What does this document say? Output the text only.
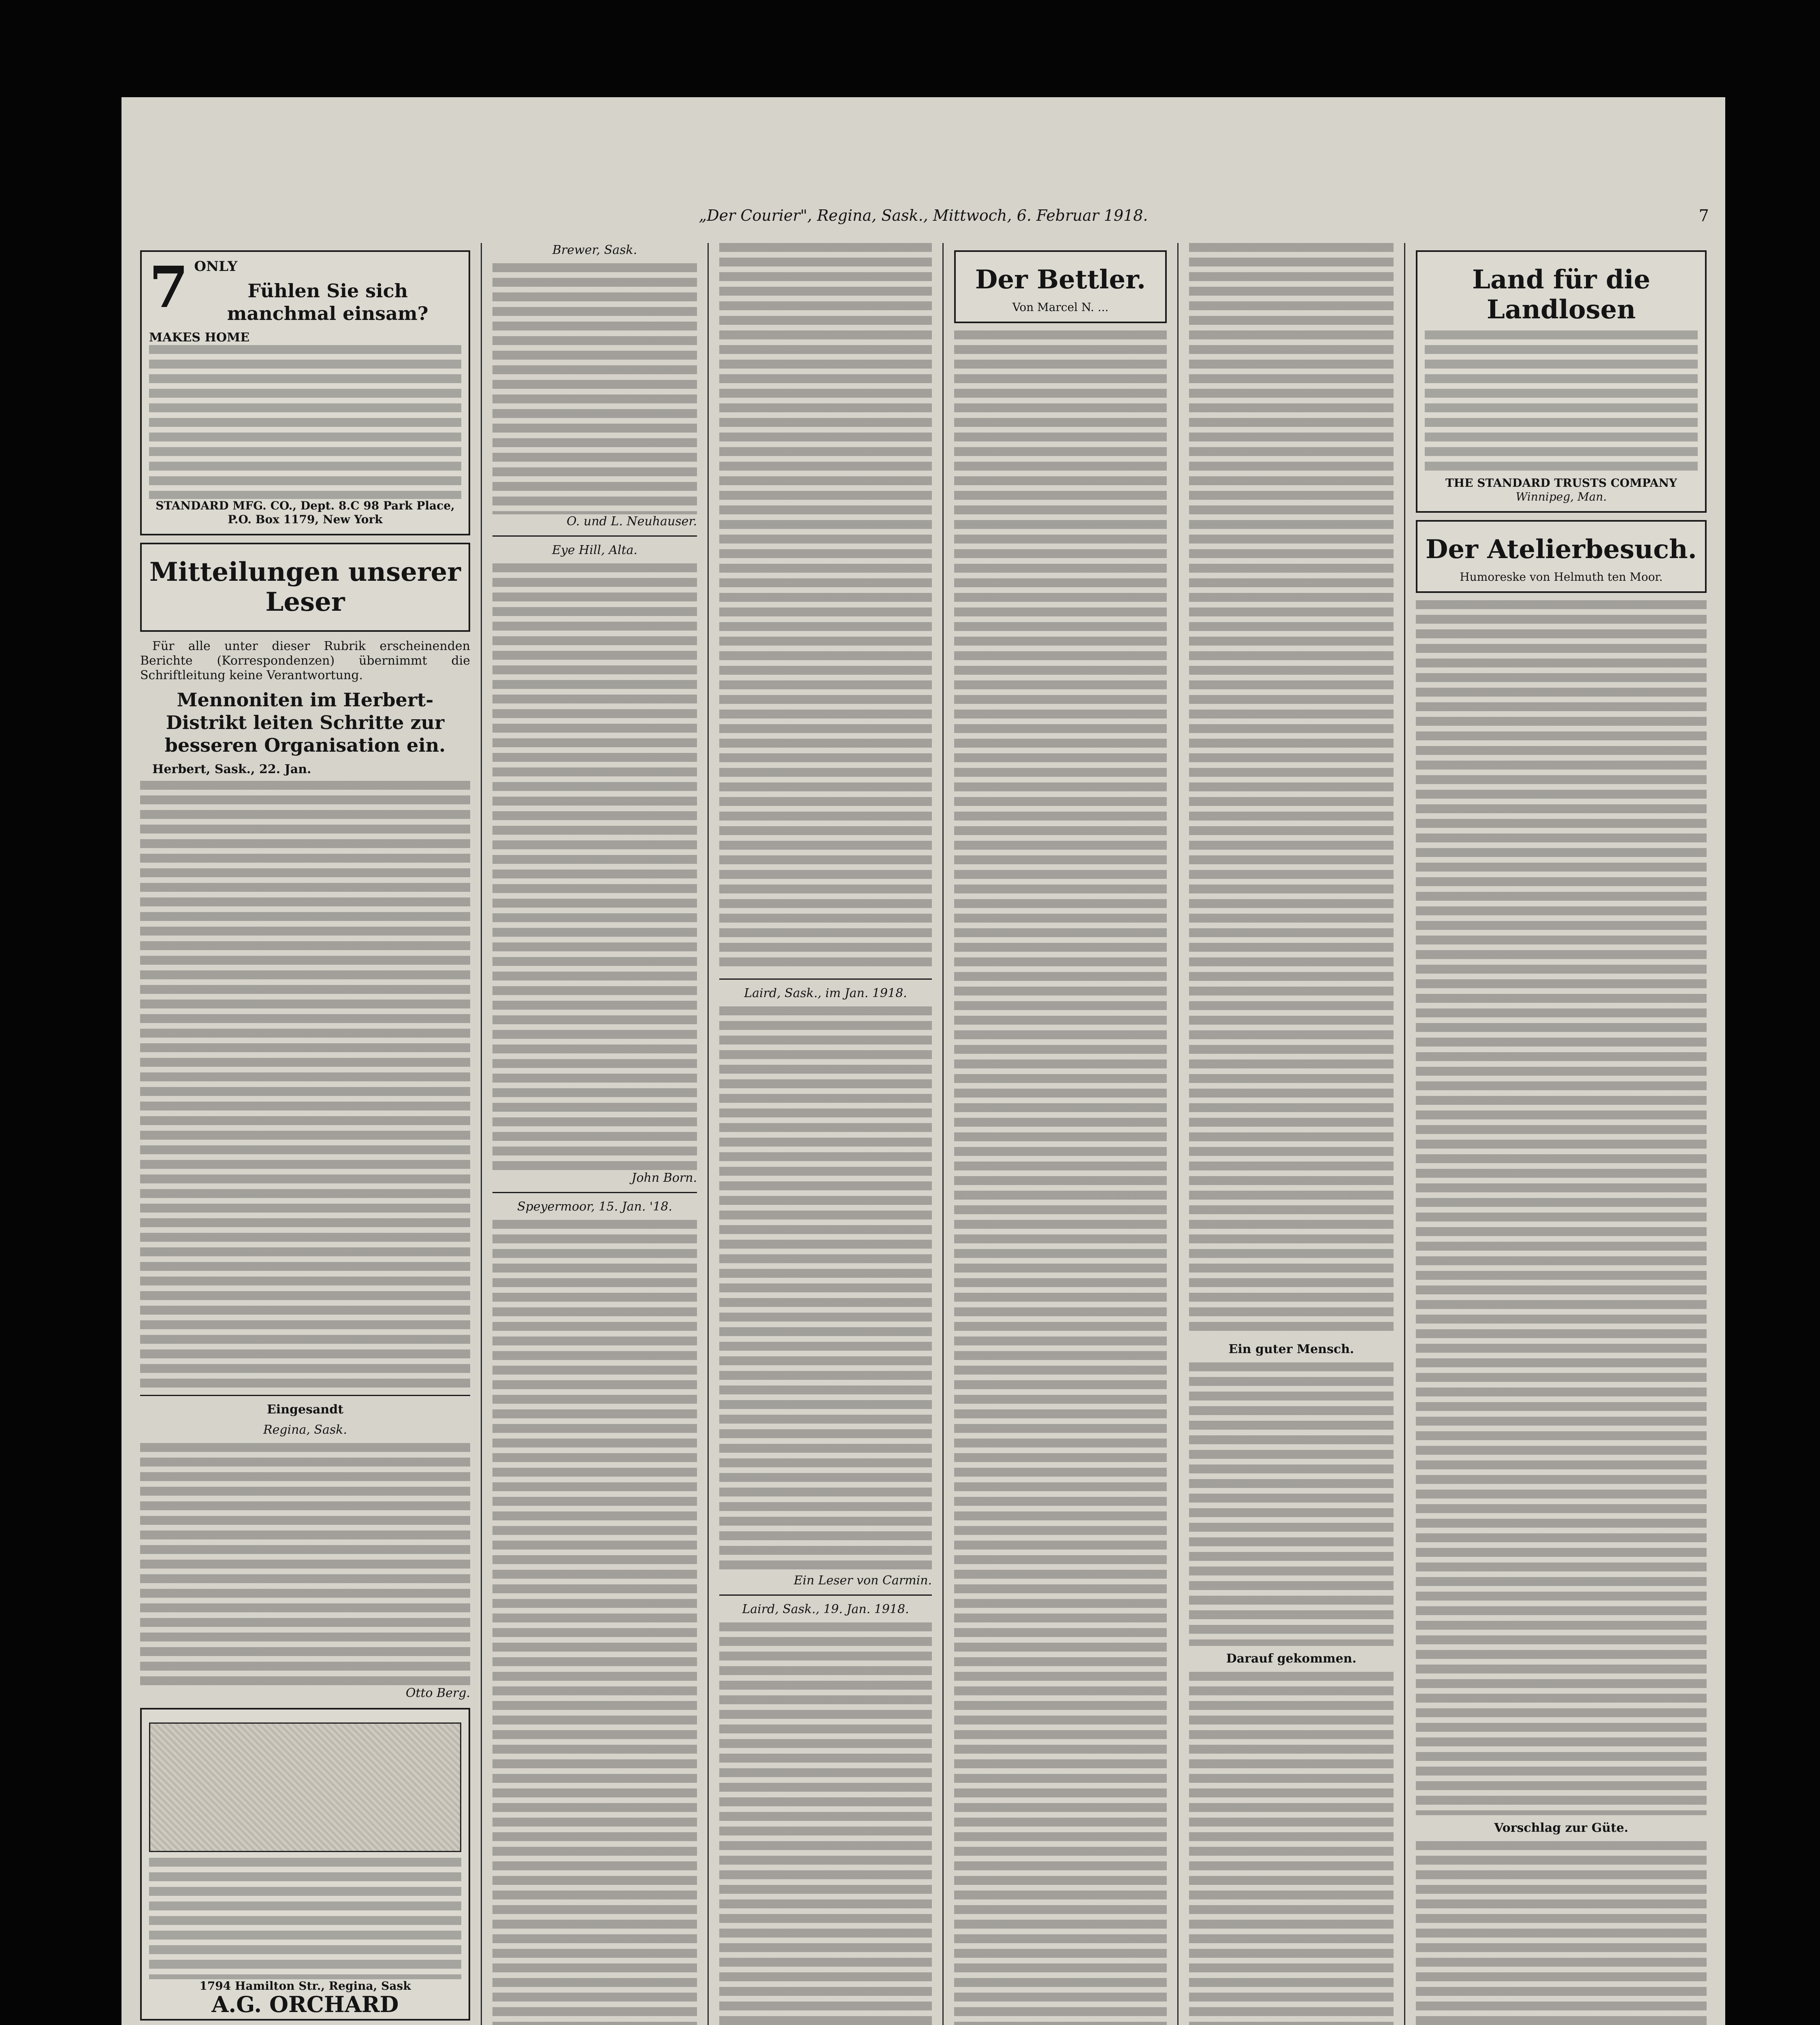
„Der Courier", Regina, Sask., Mittwoch, 6. Februar 1918.	7
7 ONLY
Fühlen Sie sich manchmal einsam?
MAKES HOME
STANDARD MFG. CO., Dept. 8.C 98 Park Place, P.O. Box 1179, New York
Mitteilungen unserer Leser

Für alle unter dieser Rubrik erscheinenden Berichte (Korrespondenzen) übernimmt die Schriftleitung keine Verantwortung.

Mennoniten im Herbert-Distrikt leiten Schritte zur besseren Organisation ein.

Herbert, Sask., 22. Jan.

Eingesandt
Regina, Sask.
Otto Berg.
1794 Hamilton Str., Regina, Sask
A.G. ORCHARD
Brewer, Sask.
O. und L. Neuhauser.
Eye Hill, Alta.
John Born.
Speyermoor, 15. Jan. '18.
Laird, Sask., im Jan. 1918.
Ein Leser von Carmin.
Laird, Sask., 19. Jan. 1918.
Der Bettler.
Von Marcel N. ...
Ein guter Mensch.
Darauf gekommen.
Land für die Landlosen
THE STANDARD TRUSTS COMPANY
Winnipeg, Man.
Der Atelierbesuch.
Humoreske von Helmuth ten Moor.
Vorschlag zur Güte.
